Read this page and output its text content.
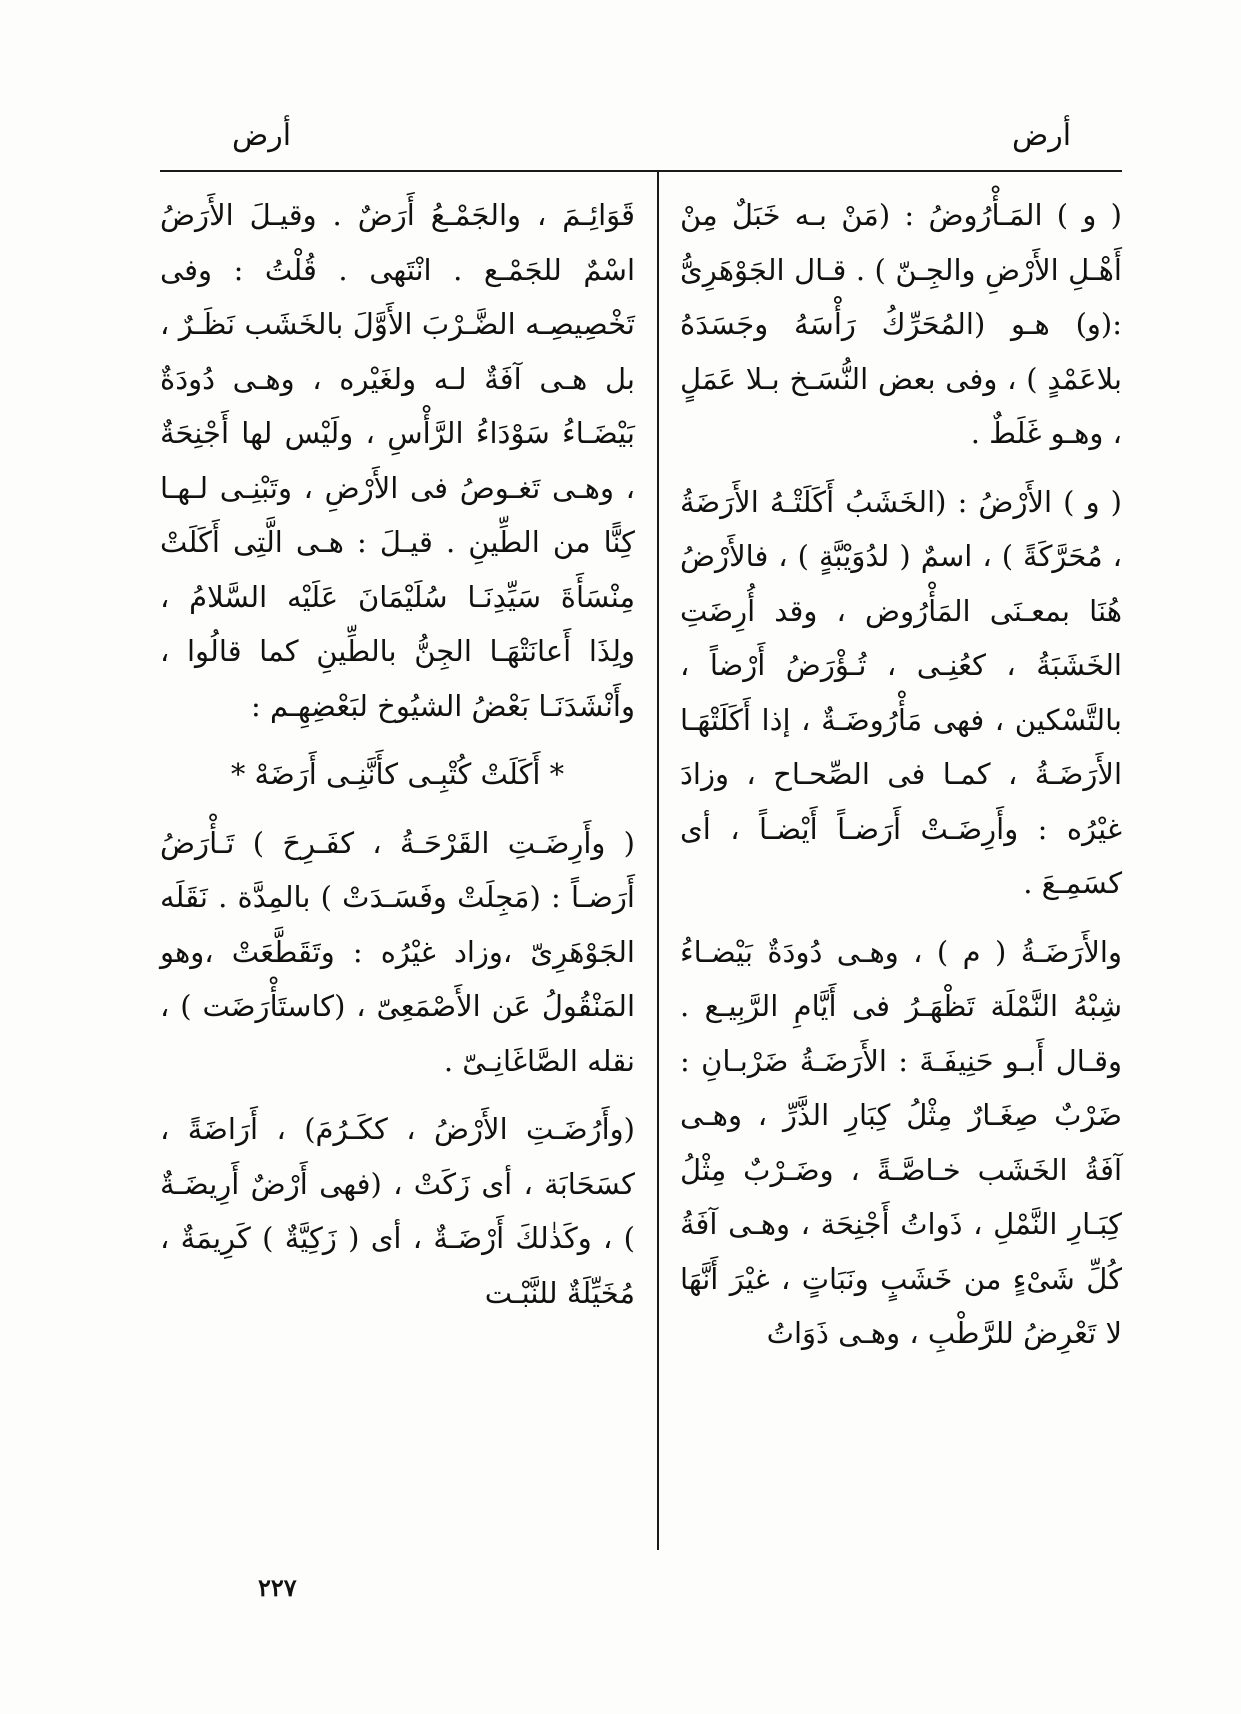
أرض
أرض

( و ) المَـأْرُوضُ : (مَنْ بـه خَبَلٌ مِنْ أَهْـلِ الأَرْضِ والجِـنّ ) . قـال الجَوْهَرِىُّ :(و) هـو (المُحَرِّكُ رَأْسَهُ وجَسَدَهُ بلاعَمْدٍ ) ، وفى بعض النُّسَـخ بـلا عَمَلٍ ، وهـو غَلَطٌ .

( و ) الأَرْضُ : (الخَشَبُ أَكَلَتْـهُ الأَرَضَةُ ، مُحَرَّكَةً ) ، اسمٌ ( لدُوَيْبَّةٍ ) ، فالأَرْضُ هُنَا بمعـنَى المَأْرُوض ، وقد أُرِضَتِ الخَشَبَةُ ، كعُنِـى ، تُـؤْرَضُ أَرْضاً ، بالتَّسْكين ، فهى مَأْرُوضَـةٌ ، إذا أَكَلَتْهَـا الأَرَضَـةُ ، كمـا فى الصِّحـاح ، وزادَ غيْرُه : وأَرِضَـتْ أَرَضـاً أَيْضـاً ، أى كسَمِـعَ .

والأَرَضَـةُ ( م ) ، وهـى دُودَةٌ بَيْضـاءُ شِبْهُ النَّمْلَة تَظْهَـرُ فى أَيَّامِ الرَّبِيـع . وقـال أَبـو حَنِيفَـةَ : الأَرَضَـةُ ضَرْبـانِ : ضَرْبٌ صِغَـارٌ مِثْلُ كِبَارِ الذَّرِّ ، وهـى آفَةُ الخَشَب خـاصَّـةً ، وضَـرْبٌ مِثْلُ كِبَـارِ النَّمْلِ ، ذَواتُ أَجْنِحَة ، وهـى آفَةُ كُلِّ شَىْءٍ من خَشَبٍ ونَبَاتٍ ، غيْرَ أَنَّهَا لا تَعْرِضُ للرَّطْبِ ، وهـى ذَوَاتُ

قَوَائِـمَ ، والجَمْـعُ أَرَضٌ . وقيـلَ الأَرَضُ اسْمٌ للجَمْـع . انْتَهى . قُلْتُ : وفى تَخْصِيصِـه الضَّـرْبَ الأَوَّلَ بالخَشَب نَظَـرٌ ، بل هـى آفَةٌ لـه ولغَيْره ، وهـى دُودَةٌ بَيْضَـاءُ سَوْدَاءُ الرَّأْسِ ، ولَيْس لها أَجْنِحَةٌ ، وهـى تَغـوصُ فى الأَرْضِ ، وتَبْنِـى لـهـا كِنًّا من الطِّينِ . قيـلَ : هـى الَّتِى أَكَلَتْ مِنْسَأَةَ سَيِّدِنَـا سُلَيْمَانَ عَلَيْه السَّلامُ ، ولِذَا أَعانَتْهَـا الجِنُّ بالطِّينِ كما قالُوا ، وأَنْشَدَنَـا بَعْضُ الشيُوخ لبَعْضِهِـم :

* أَكَلَتْ كُتْبِـى كأَنَّنِـى أَرَضَهْ *

( وأَرِضَـتِ القَرْحَـةُ ، كفَـرِحَ ) تَـأْرَضُ أَرَضـاً : (مَجِلَتْ وفَسَـدَتْ ) بالمِدَّة . نَقَلَه الجَوْهَرِىّ ،وزاد غيْرُه : وتَقَطَّعَتْ ،وهو المَنْقُولُ عَن الأَصْمَعِىّ ، (كاستَأْرَضَت ) ، نقله الصَّاغَانِـىّ .

(وأَرُضَـتِ الأَرْضُ ، ككَـرُمَ) ، أَرَاضَةً ، كسَحَابَة ، أى زَكَتْ ، (فهى أَرْضٌ أَرِيضَـةٌ ) ، وكَذٰلكَ أَرْضَـةٌ ، أى ( زَكِيَّةٌ ) كَرِيمَةٌ ، مُخَيِّلَةٌ للنَّبْـت

٢٢٧
